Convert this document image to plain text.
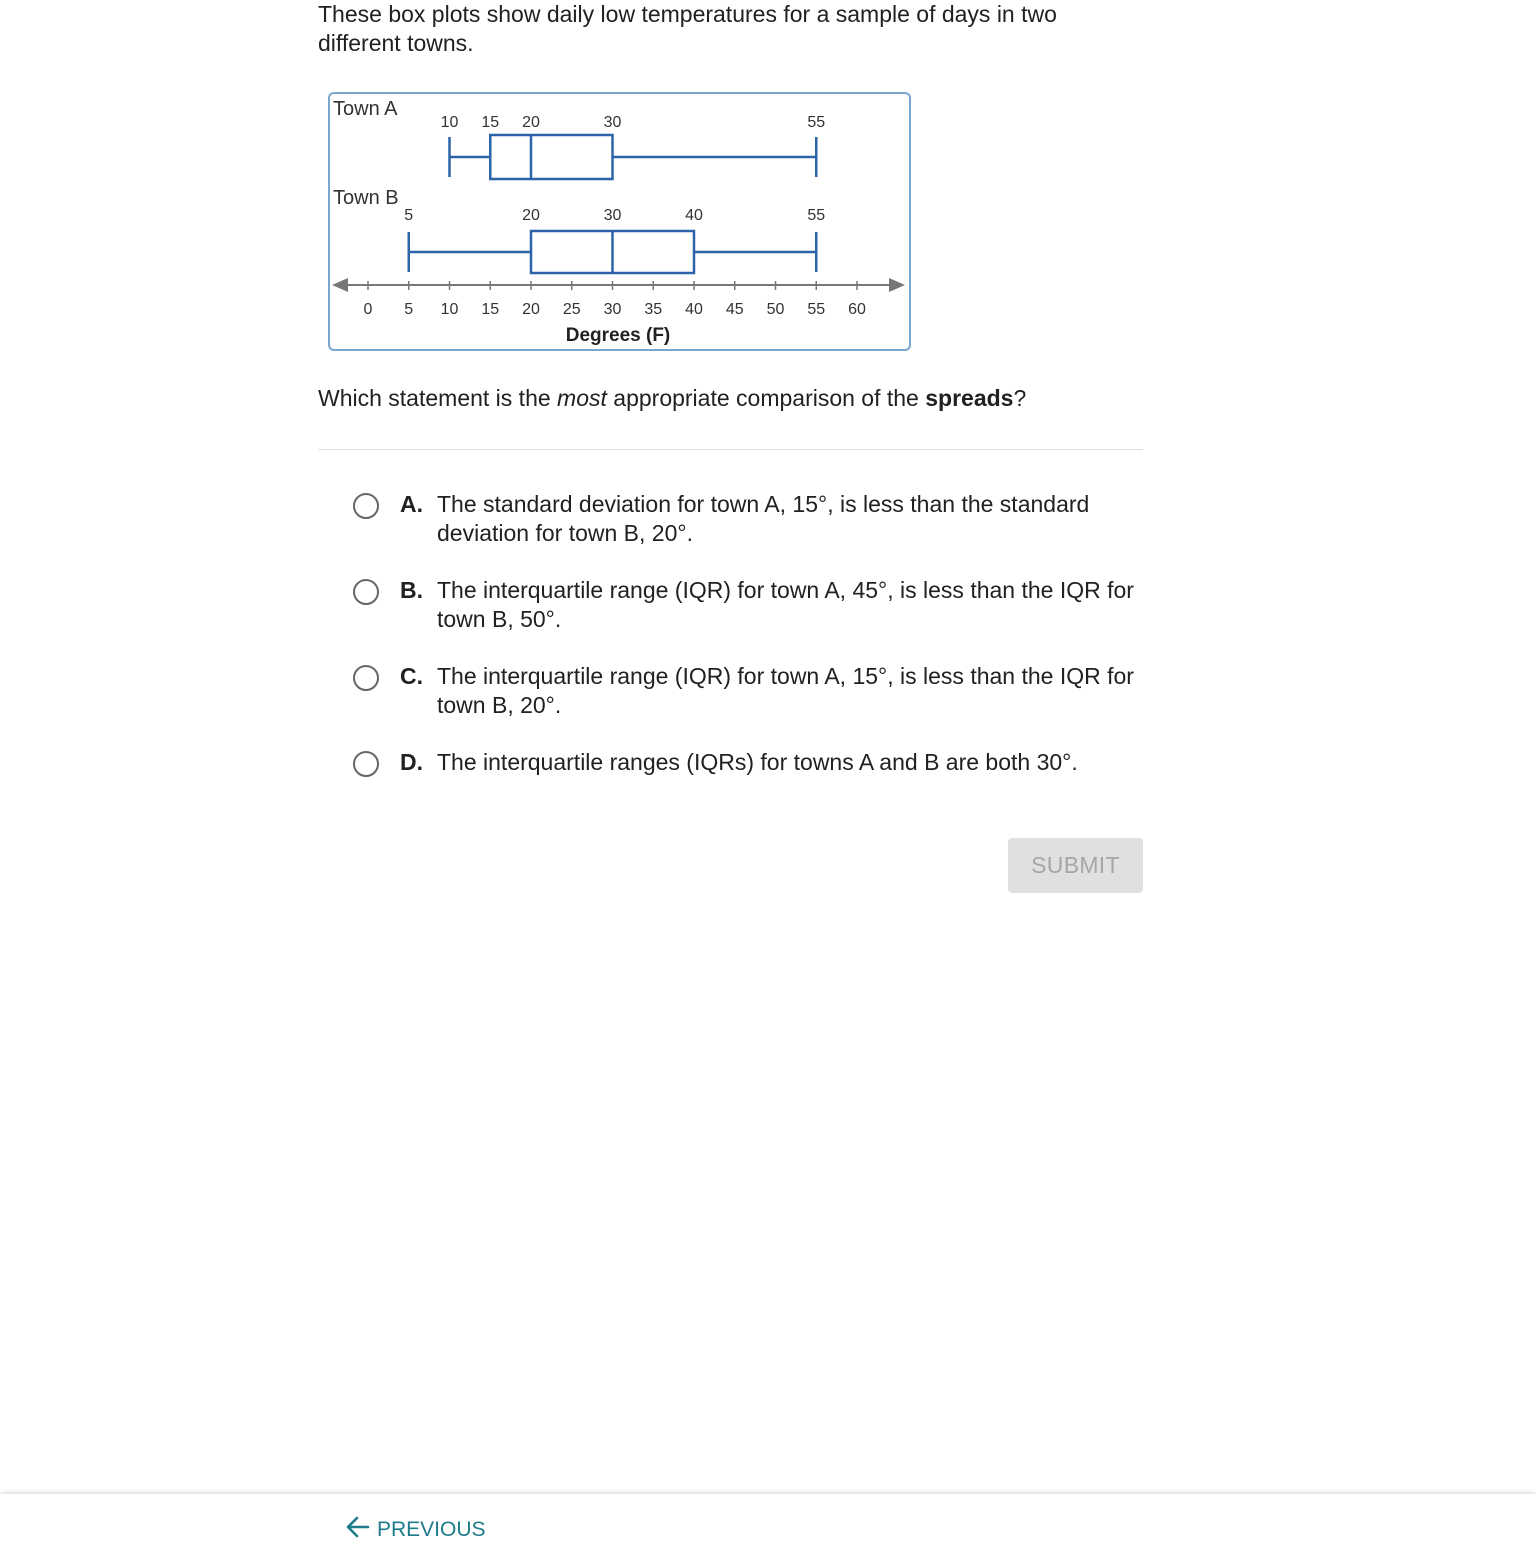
These box plots show daily low temperatures for a sample of days in two different towns.

Town A
Town B
0 5 10 15 20 25 30 35 40 45 50 55 60
10 15 20	30	55
5	20	30	40	55
Degrees (F)

Which statement is the most appropriate comparison of the spreads?

A. The standard deviation for town A, 15°, is less than the standard deviation for town B, 20°.
B. The interquartile range (IQR) for town A, 45°, is less than the IQR for town B, 50°.
C. The interquartile range (IQR) for town A, 15°, is less than the IQR for town B, 20°.
D. The interquartile ranges (IQRs) for towns A and B are both 30°.
SUBMIT
PREVIOUS
